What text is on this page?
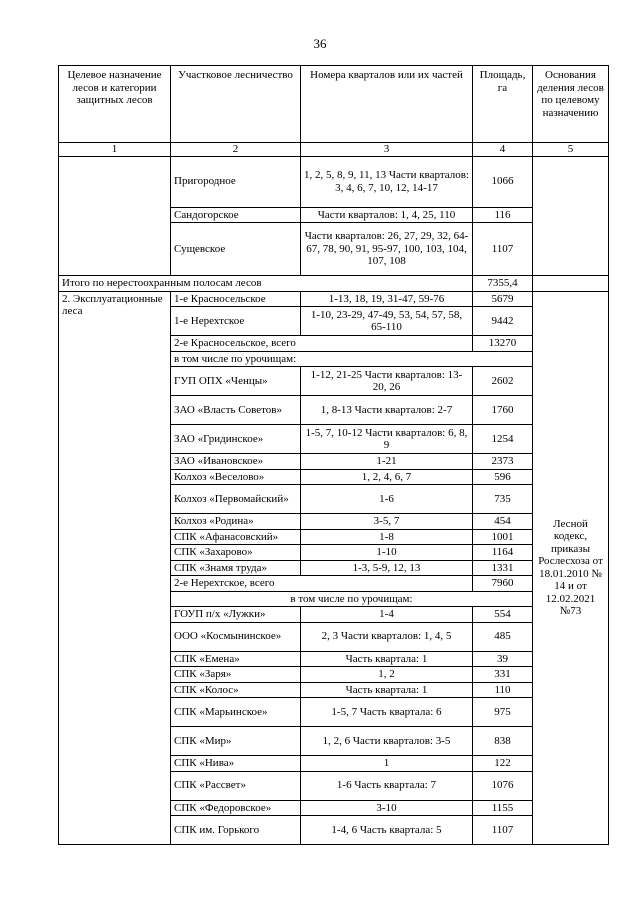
36
Целевое назначение лесов и категории защитных лесов	Участковое лесничество	Номера кварталов или их частей	Площадь, га	Основания деления лесов по целевому назначению
1	2	3	4	5
	Пригородное	1, 2, 5, 8, 9, 11, 13 Части кварталов: 3, 4, 6, 7, 10, 12, 14-17	1066	
	Сандогорское	Части кварталов: 1, 4, 25, 110	116	
	Сущевское	Части кварталов: 26, 27, 29, 32, 64-67, 78, 90, 91, 95-97, 100, 103, 104, 107, 108	1107	
Итого по нерестоохранным полосам лесов			7355,4	
2. Эксплуатационные леса	1-е Красносельское	1-13, 18, 19, 31-47, 59-76	5679	Лесной кодекс, приказы Рослесхоза от 18.01.2010 № 14 и от 12.02.2021 №73
	1-е Нерехтское	1-10, 23-29, 47-49, 53, 54, 57, 58, 65-110	9442	
	2-е Красносельское, всего		13270	
	в том числе по урочищам:			
	ГУП ОПХ «Ченцы»	1-12, 21-25 Части кварталов: 13-20, 26	2602	
	ЗАО «Власть Советов»	1, 8-13 Части кварталов: 2-7	1760	
	ЗАО «Гридинское»	1-5, 7, 10-12 Части кварталов: 6, 8, 9	1254	
	ЗАО «Ивановское»	1-21	2373	
	Колхоз «Веселово»	1, 2, 4, 6, 7	596	
	Колхоз «Первомайский»	1-6	735	
	Колхоз «Родина»	3-5, 7	454	
	СПК «Афанасовский»	1-8	1001	
	СПК «Захарово»	1-10	1164	
	СПК «Знамя труда»	1-3, 5-9, 12, 13	1331	
	2-е Нерехтское, всего		7960	
	в том числе по урочищам:			
	ГОУП п/х «Лужки»	1-4	554	
	ООО «Космынинское»	2, 3 Части кварталов: 1, 4, 5	485	
	СПК «Емена»	Часть квартала: 1	39	
	СПК «Заря»	1, 2	331	
	СПК «Колос»	Часть квартала: 1	110	
	СПК «Марьинское»	1-5, 7 Часть квартала: 6	975	
	СПК «Мир»	1, 2, 6 Части кварталов: 3-5	838	
	СПК «Нива»	1	122	
	СПК «Рассвет»	1-6 Часть квартала: 7	1076	
	СПК «Федоровское»	3-10	1155	
	СПК им. Горького	1-4, 6 Часть квартала: 5	1107	
